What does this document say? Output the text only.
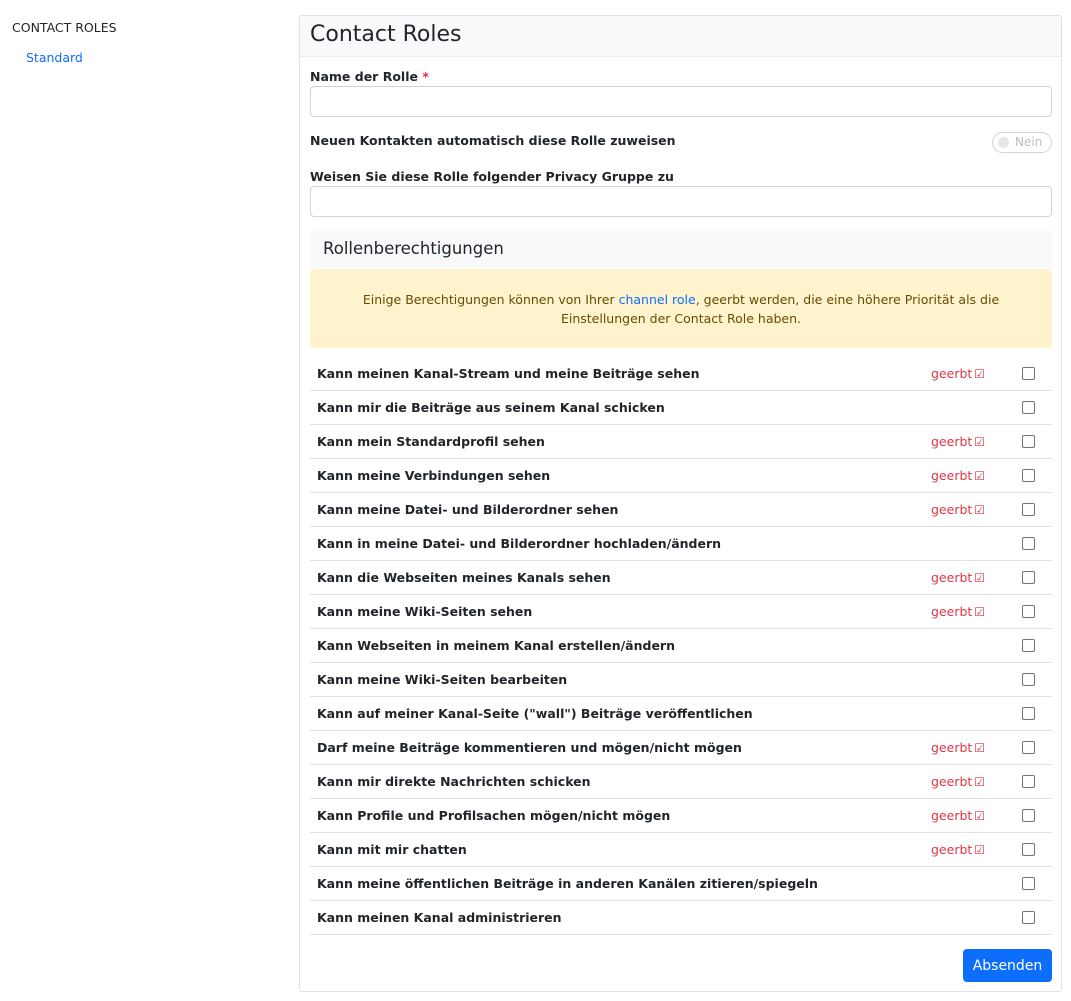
CONTACT ROLES
Standard
Contact Roles
Name der Rolle *
Neuen Kontakten automatisch diese Rolle zuweisen	Nein
Weisen Sie diese Rolle folgender Privacy Gruppe zu
Rollenberechtigungen
Einige Berechtigungen können von Ihrer channel role, geerbt werden, die eine höhere Priorität als die Einstellungen der Contact Role haben.
Kann meinen Kanal-Stream und meine Beiträge sehen	geerbt ☑
Kann mir die Beiträge aus seinem Kanal schicken
Kann mein Standardprofil sehen	geerbt ☑
Kann meine Verbindungen sehen	geerbt ☑
Kann meine Datei- und Bilderordner sehen	geerbt ☑
Kann in meine Datei- und Bilderordner hochladen/ändern
Kann die Webseiten meines Kanals sehen	geerbt ☑
Kann meine Wiki-Seiten sehen	geerbt ☑
Kann Webseiten in meinem Kanal erstellen/ändern
Kann meine Wiki-Seiten bearbeiten
Kann auf meiner Kanal-Seite ("wall") Beiträge veröffentlichen
Darf meine Beiträge kommentieren und mögen/nicht mögen	geerbt ☑
Kann mir direkte Nachrichten schicken	geerbt ☑
Kann Profile und Profilsachen mögen/nicht mögen	geerbt ☑
Kann mit mir chatten	geerbt ☑
Kann meine öffentlichen Beiträge in anderen Kanälen zitieren/spiegeln
Kann meinen Kanal administrieren
Absenden
